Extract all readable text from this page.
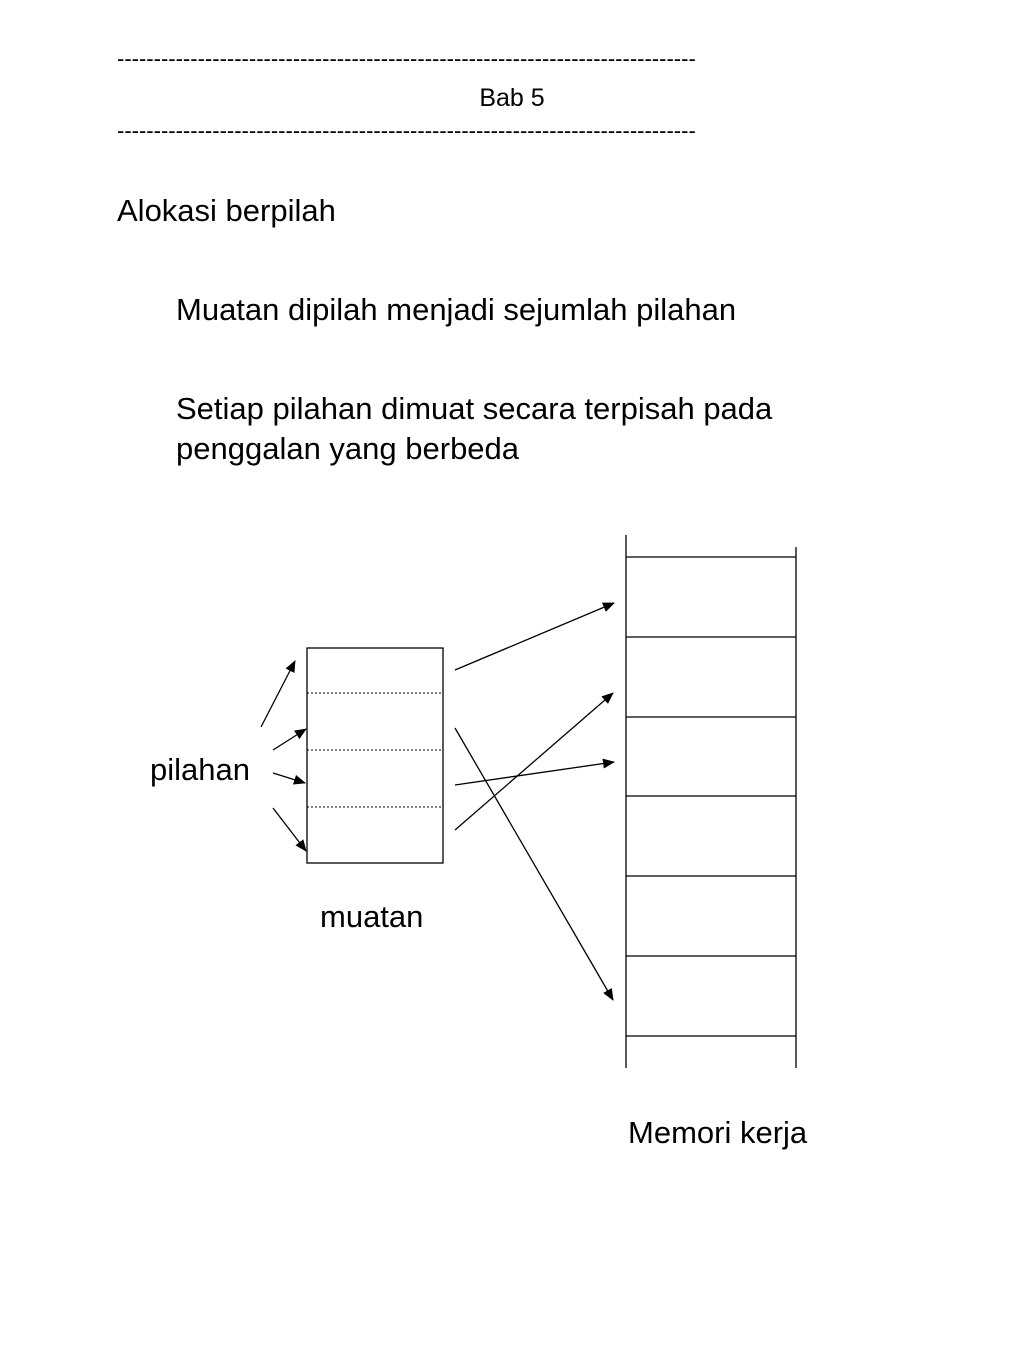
-------------------------------------------------------------------------------
Bab 5
-------------------------------------------------------------------------------
Alokasi berpilah
Muatan dipilah menjadi sejumlah pilahan
Setiap pilahan dimuat secara terpisah pada penggalan yang berbeda
pilahan
muatan
Memori kerja
